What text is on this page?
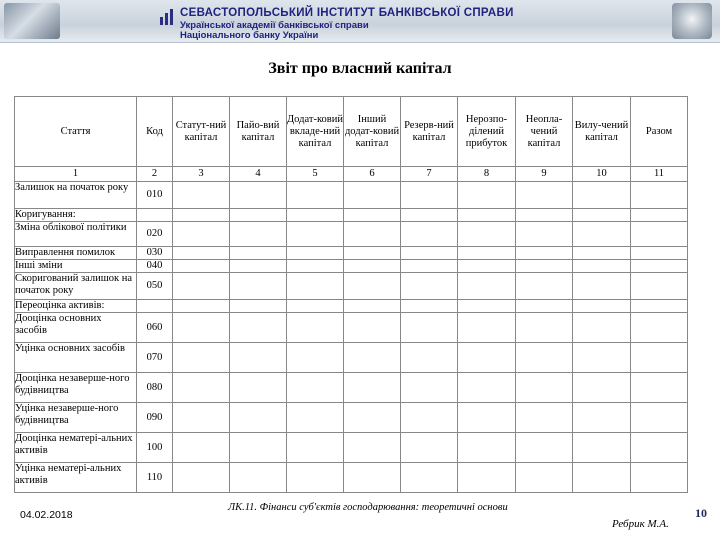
СЕВАСТОПОЛЬСЬКИЙ ІНСТИТУТ БАНКІВСЬКОЇ СПРАВИ
Української академії банківської справи
Національного банку України
Звіт про власний капітал
Стаття	Код	Статут-ний капітал	Пайо-вий капітал	Додат-ковий вкладе-ний капітал	Інший додат-ковий капітал	Резерв-ний капітал	Нерозпо-ділений прибуток	Неопла-чений капітал	Вилу-чений капітал	Разом
1	2	3	4	5	6	7	8	9	10	11
Залишок на початок року	010									
Коригування:										
Зміна облікової політики	020									
Виправлення помилок	030									
Інші зміни	040									
Скоригований залишок на початок року	050									
Переоцінка активів:										
Дооцінка основних засобів	060									
Уцінка основних засобів	070									
Дооцінка незаверше-ного будівництва	080									
Уцінка незаверше-ного будівництва	090									
Дооцінка нематері-альних активів	100									
Уцінка нематері-альних активів	110									
04.02.2018
ЛК.11. Фінанси суб'єктів господарювання: теоретичні основи
Ребрик М.А.
10
